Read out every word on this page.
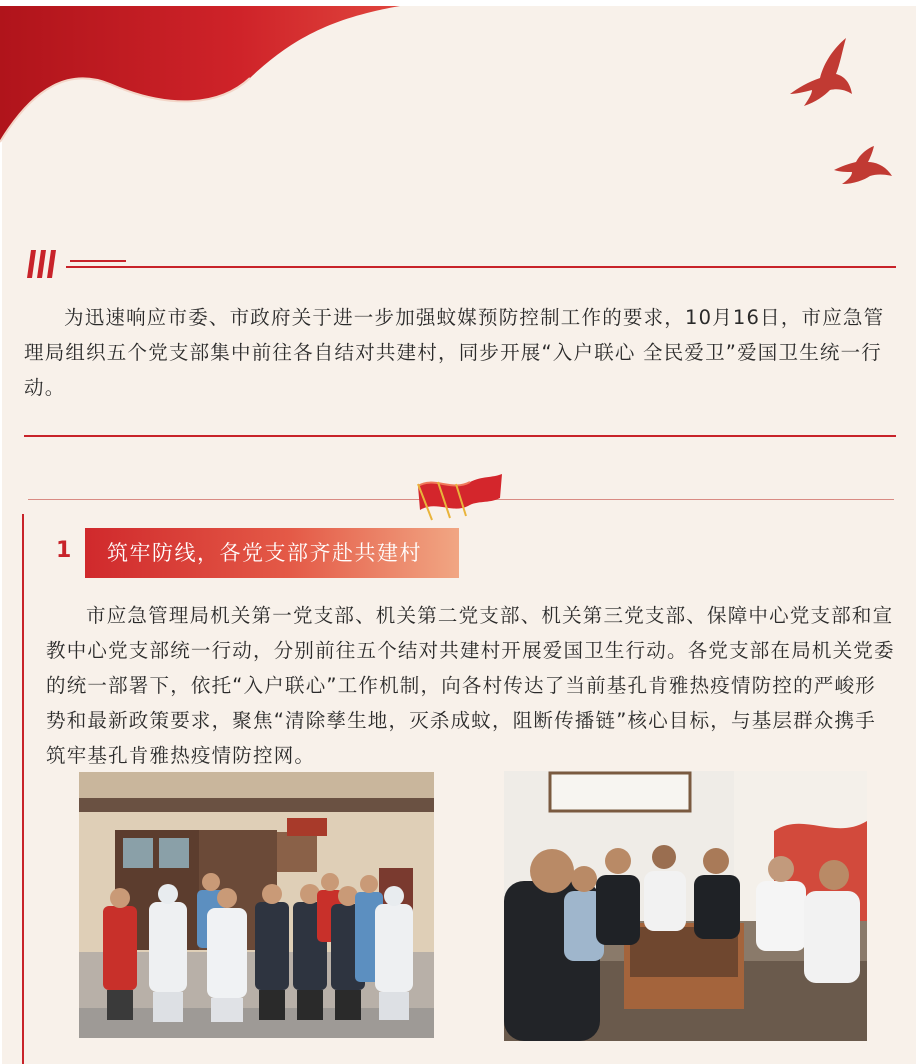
为迅速响应市委、市政府关于进一步加强蚊媒预防控制工作的要求，10月16日，市应急管理局组织五个党支部集中前往各自结对共建村，同步开展“入户联心 全民爱卫”爱国卫生统一行动。

1	筑牢防线，各党支部齐赴共建村

市应急管理局机关第一党支部、机关第二党支部、机关第三党支部、保障中心党支部和宣教中心党支部统一行动，分别前往五个结对共建村开展爱国卫生行动。各党支部在局机关党委的统一部署下，依托“入户联心”工作机制，向各村传达了当前基孔肯雅热疫情防控的严峻形势和最新政策要求，聚焦“清除孳生地，灭杀成蚊，阻断传播链”核心目标，与基层群众携手筑牢基孔肯雅热疫情防控网。
